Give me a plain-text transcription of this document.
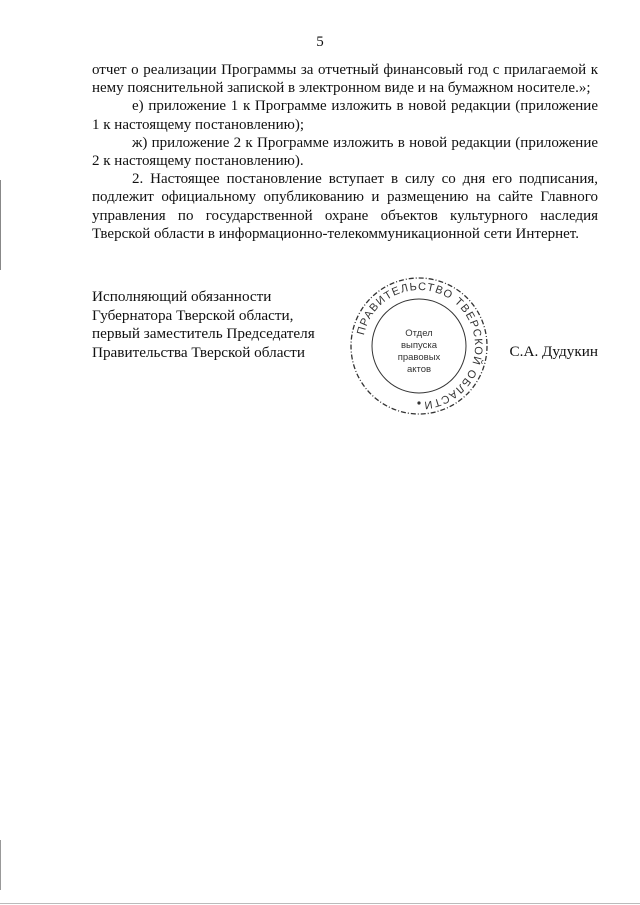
5

отчет о реализации Программы за отчетный финансовый год с прилагаемой к нему пояснительной запиской в электронном виде и на бумажном носителе.»;

е) приложение 1 к Программе изложить в новой редакции (приложение 1 к настоящему постановлению);

ж) приложение 2 к Программе изложить в новой редакции (приложение 2 к настоящему постановлению).

2. Настоящее постановление вступает в силу со дня его подписания, подлежит официальному опубликованию и размещению на сайте Главного управления по государственной охране объектов культурного наследия Тверской области в информационно-телекоммуникационной сети Интернет.

Исполняющий обязанности
Губернатора Тверской области,
первый заместитель Председателя
Правительства Тверской области
ПРАВИТЕЛЬСТВО ТВЕРСКОЙ ОБЛАСТИ
Отдел
выпуска
правовых
актов
С.А. Дудукин
